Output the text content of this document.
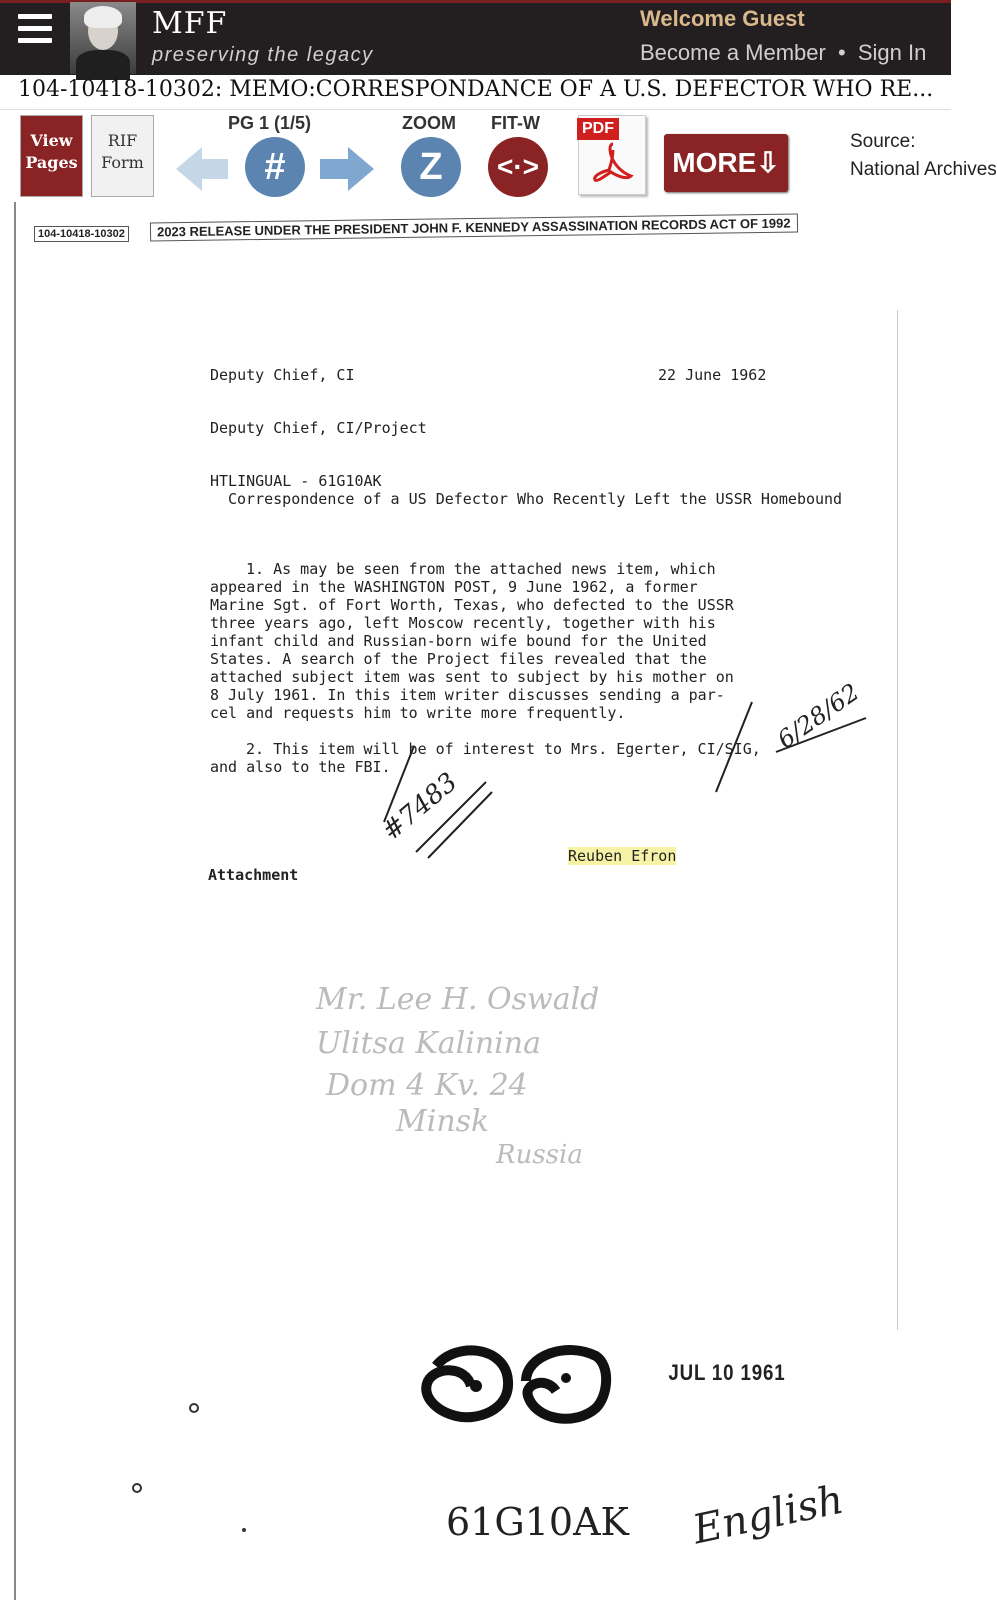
MFF
preserving the legacy
Welcome Guest
Become a Member • Sign In
104-10418-10302: MEMO:CORRESPONDANCE OF A U.S. DEFECTOR WHO RE...
View
Pages
RIF
Form
PG 1 (1/5)
#
ZOOM
Z
FIT-W
<·>
PDF
MORE⇩
Source:
National Archives
104-10418-10302	2023 RELEASE UNDER THE PRESIDENT JOHN F. KENNEDY ASSASSINATION RECORDS ACT OF 1992
Deputy Chief, CI	22 June 1962
Deputy Chief, CI/Project
HTLINGUAL - 61G10AK
Correspondence of a US Defector Who Recently Left the USSR Homebound
1. As may be seen from the attached news item, which
appeared in the WASHINGTON POST, 9 June 1962, a former
Marine Sgt. of Fort Worth, Texas, who defected to the USSR
three years ago, left Moscow recently, together with his
infant child and Russian-born wife bound for the United
States. A search of the Project files revealed that the
attached subject item was sent to subject by his mother on
8 July 1961. In this item writer discusses sending a par-
cel and requests him to write more frequently.
2. This item will be of interest to Mrs. Egerter, CI/SIG,
and also to the FBI.
Reuben Efron
Attachment
6/28/62
#7483
Mr. Lee H. Oswald
Ulitsa Kalinina
Dom 4 Kv. 24
Minsk
Russia
JUL 10 1961
61G10AK English
